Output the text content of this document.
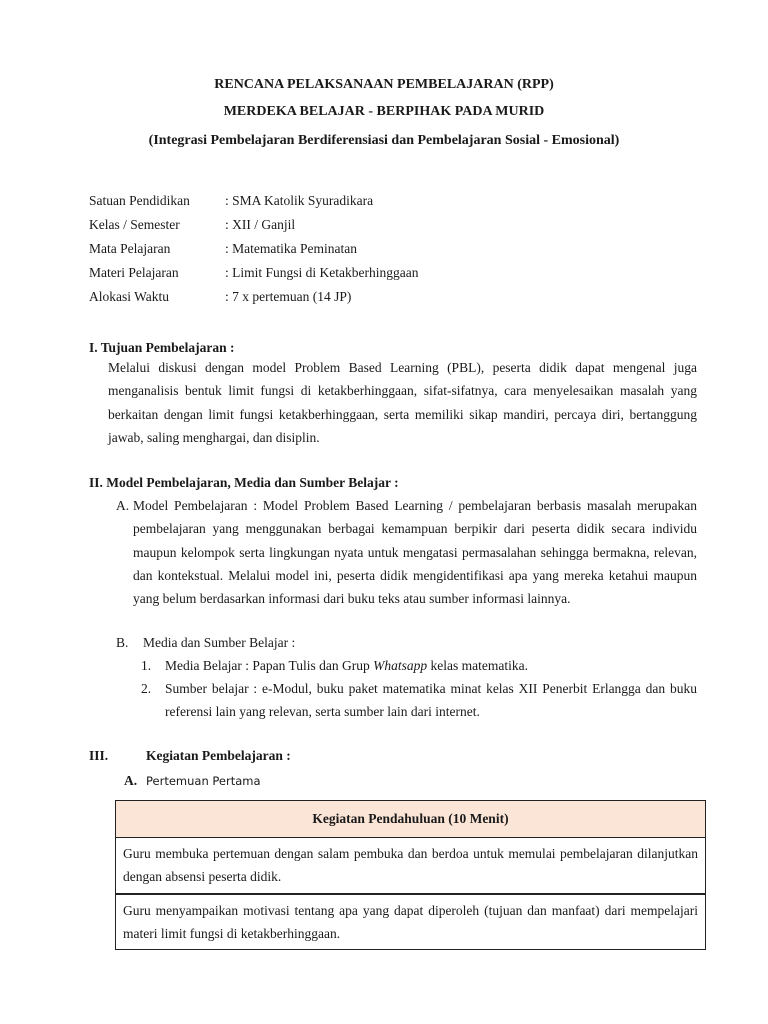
RENCANA PELAKSANAAN PEMBELAJARAN (RPP)
MERDEKA BELAJAR - BERPIHAK PADA MURID
(Integrasi Pembelajaran Berdiferensiasi dan Pembelajaran Sosial - Emosional)
Satuan Pendidikan	: SMA Katolik Syuradikara
Kelas / Semester	: XII / Ganjil
Mata Pelajaran	: Matematika Peminatan
Materi Pelajaran	: Limit Fungsi di Ketakberhinggaan
Alokasi Waktu	: 7 x pertemuan (14 JP)
I. Tujuan Pembelajaran :
Melalui diskusi dengan model Problem Based Learning (PBL), peserta didik dapat mengenal juga menganalisis bentuk limit fungsi di ketakberhinggaan, sifat-sifatnya, cara menyelesaikan masalah yang berkaitan dengan limit fungsi ketakberhinggaan, serta memiliki sikap mandiri, percaya diri, bertanggung jawab, saling menghargai, dan disiplin.
II. Model Pembelajaran, Media dan Sumber Belajar :
A. Model Pembelajaran : Model Problem Based Learning / pembelajaran berbasis masalah merupakan pembelajaran yang menggunakan berbagai kemampuan berpikir dari peserta didik secara individu maupun kelompok serta lingkungan nyata untuk mengatasi permasalahan sehingga bermakna, relevan, dan kontekstual. Melalui model ini, peserta didik mengidentifikasi apa yang mereka ketahui maupun yang belum berdasarkan informasi dari buku teks atau sumber informasi lainnya.
B. Media dan Sumber Belajar :
1. Media Belajar : Papan Tulis dan Grup Whatsapp kelas matematika.
2. Sumber belajar : e-Modul, buku paket matematika minat kelas XII Penerbit Erlangga dan buku referensi lain yang relevan, serta sumber lain dari internet.
III.	Kegiatan Pembelajaran :
A. Pertemuan Pertama
Kegiatan Pendahuluan (10 Menit)
Guru membuka pertemuan dengan salam pembuka dan berdoa untuk memulai pembelajaran dilanjutkan dengan absensi peserta didik.
Guru menyampaikan motivasi tentang apa yang dapat diperoleh (tujuan dan manfaat) dari mempelajari materi limit fungsi di ketakberhinggaan.
